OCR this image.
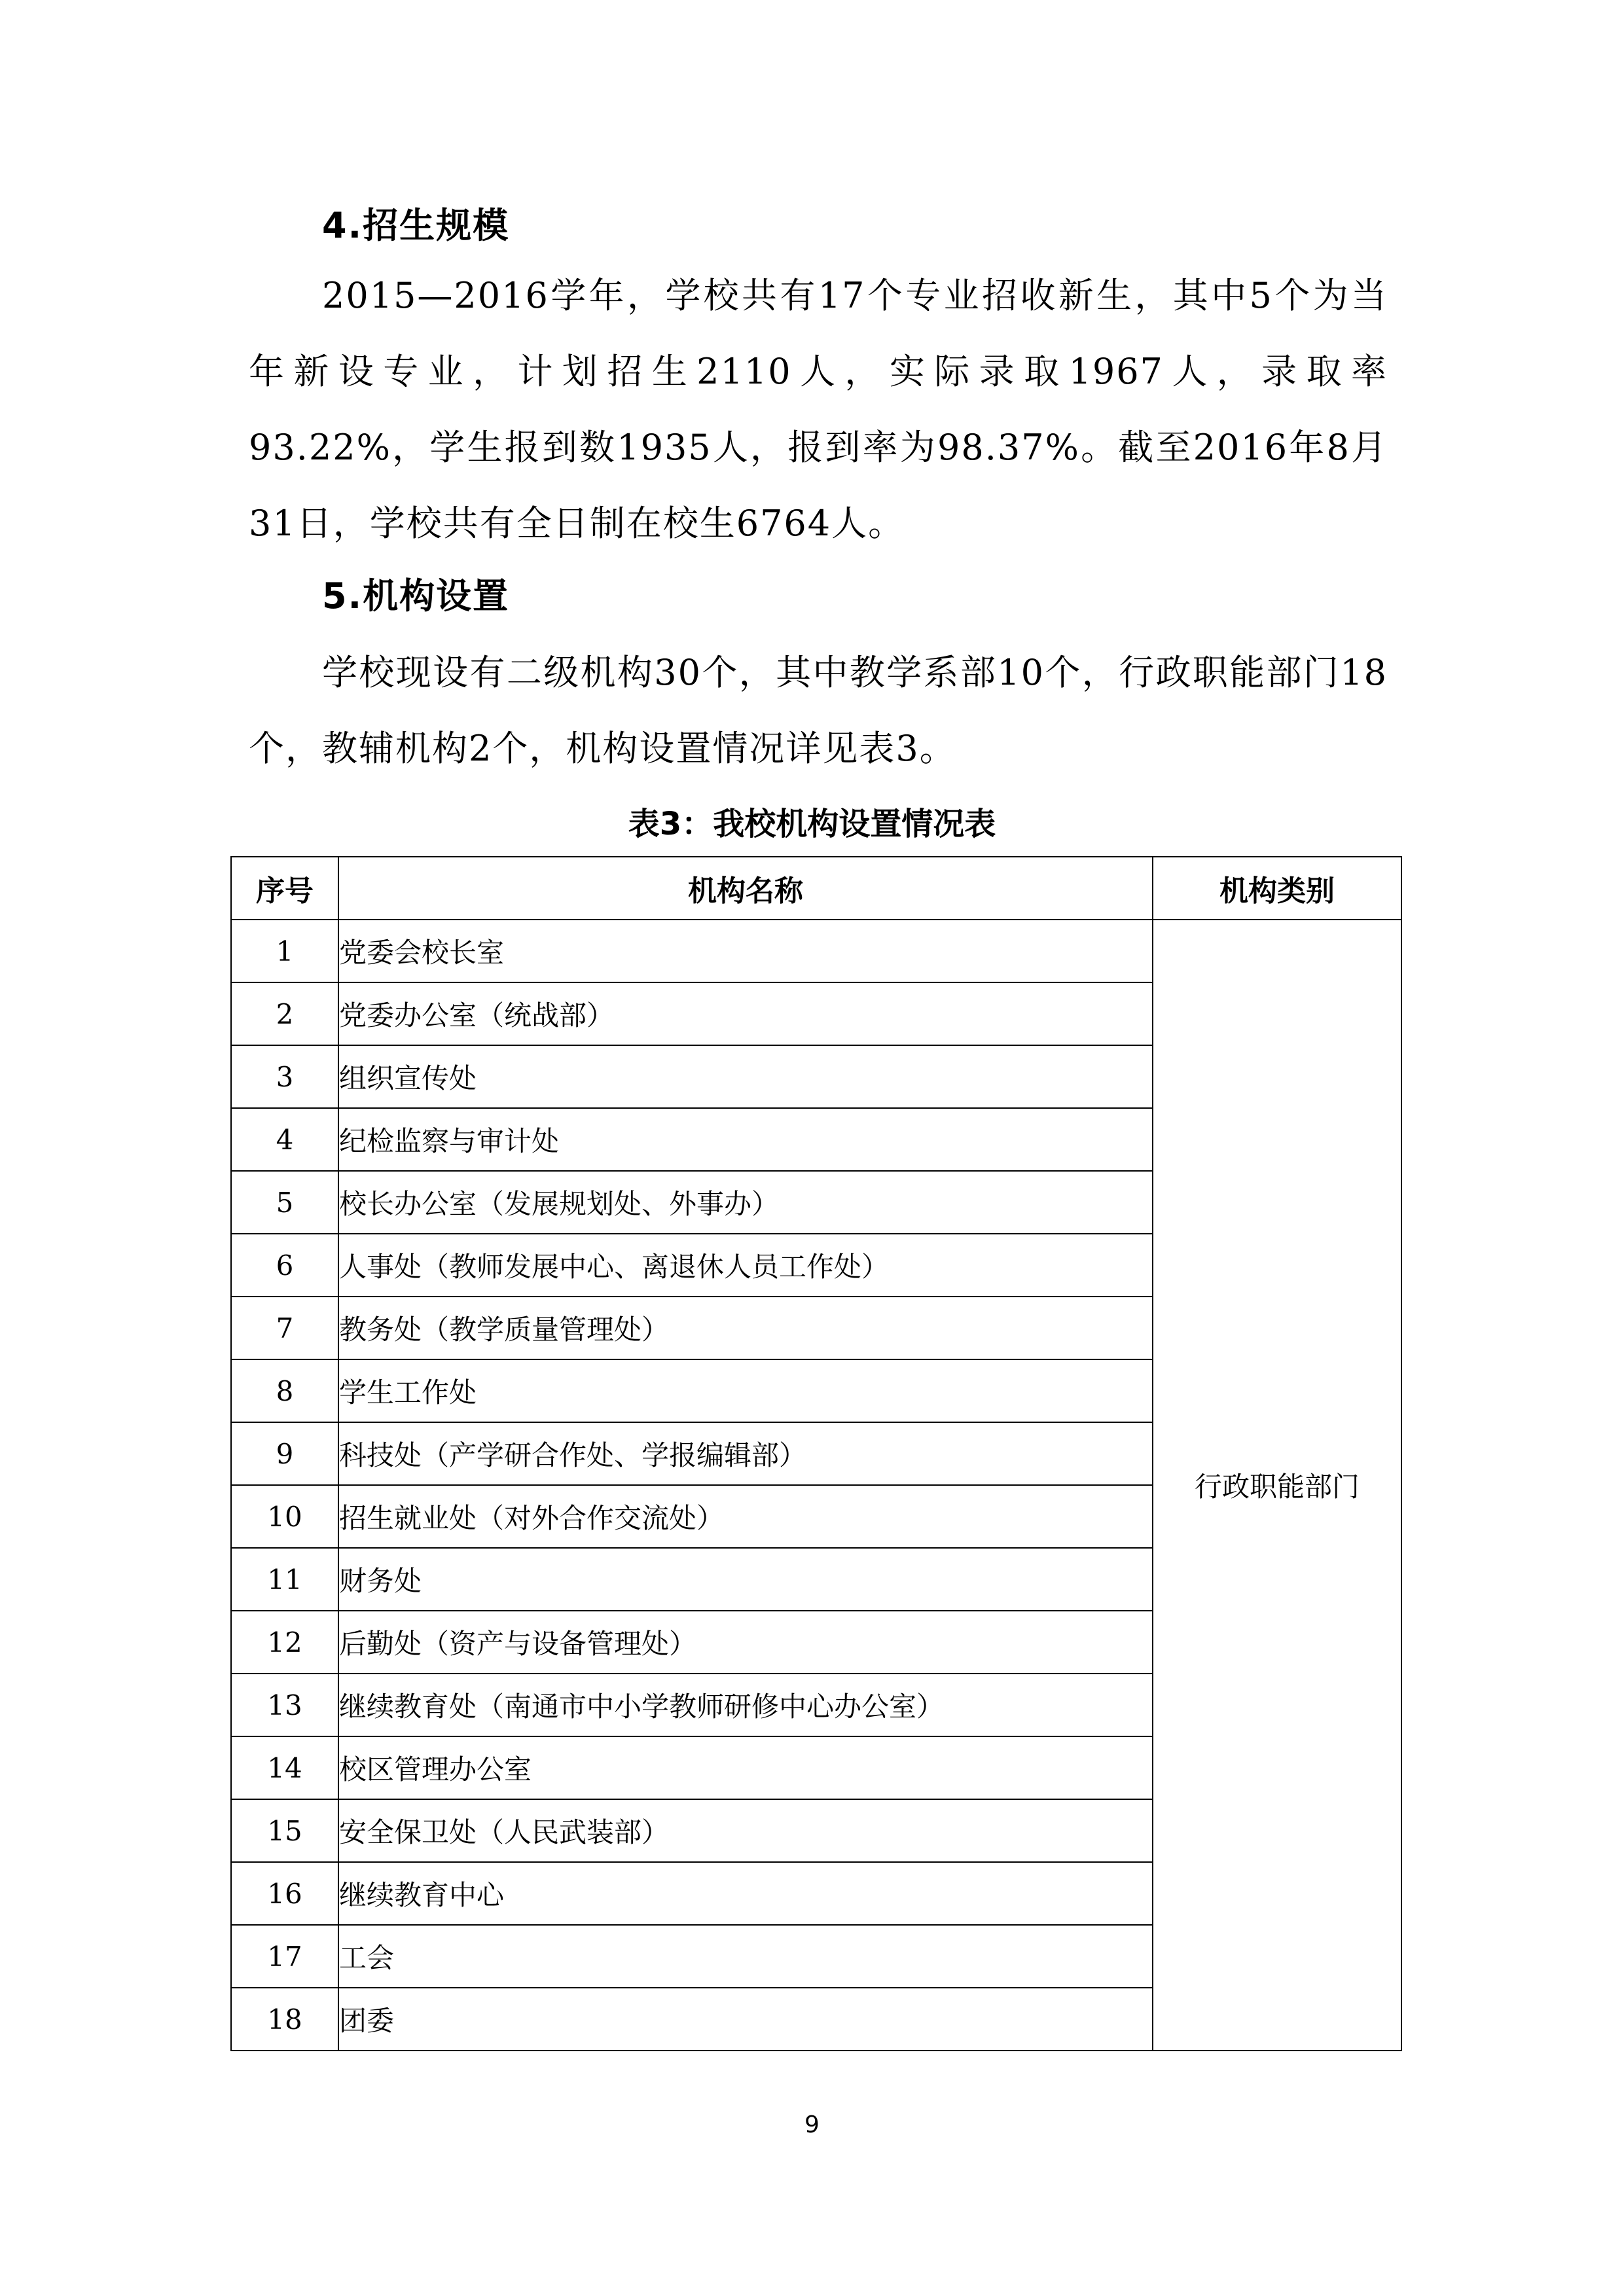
4.招生规模

2015—2016学年，学校共有17个专业招收新生，其中5个为当年新设专业，计划招生2110人，实际录取1967人，录取率93.22%，学生报到数1935人，报到率为98.37%。截至2016年8月31日，学校共有全日制在校生6764人。

5.机构设置

学校现设有二级机构30个，其中教学系部10个，行政职能部门18个，教辅机构2个，机构设置情况详见表3。

表3：我校机构设置情况表
序号	机构名称	机构类别
1	党委会校长室	行政职能部门
2	党委办公室（统战部）	
3	组织宣传处	
4	纪检监察与审计处	
5	校长办公室（发展规划处、外事办）	
6	人事处（教师发展中心、离退休人员工作处）	
7	教务处（教学质量管理处）	
8	学生工作处	
9	科技处（产学研合作处、学报编辑部）	
10	招生就业处（对外合作交流处）	
11	财务处	
12	后勤处（资产与设备管理处）	
13	继续教育处（南通市中小学教师研修中心办公室）	
14	校区管理办公室	
15	安全保卫处（人民武装部）	
16	继续教育中心	
17	工会	
18	团委	
9
